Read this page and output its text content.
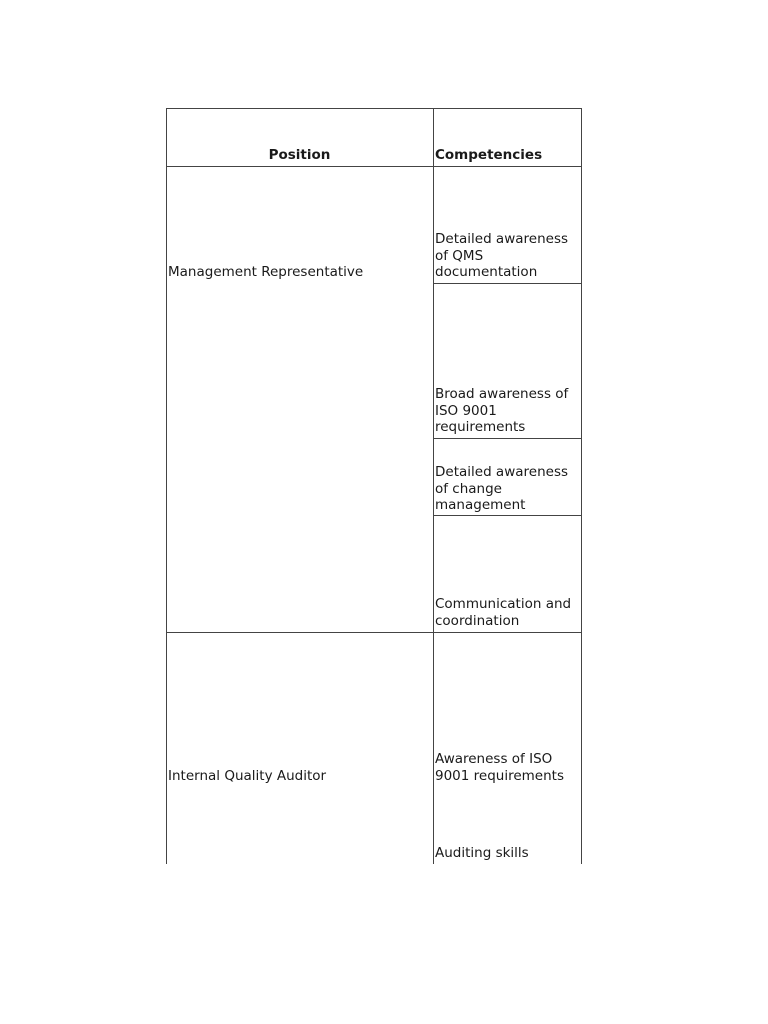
Position	Competencies
Management Representative
Detailed awareness
of QMS
documentation
Broad awareness of
ISO 9001
requirements
Detailed awareness
of change
management
Communication and
coordination
Internal Quality Auditor
Awareness of ISO
9001 requirements
Auditing skills
